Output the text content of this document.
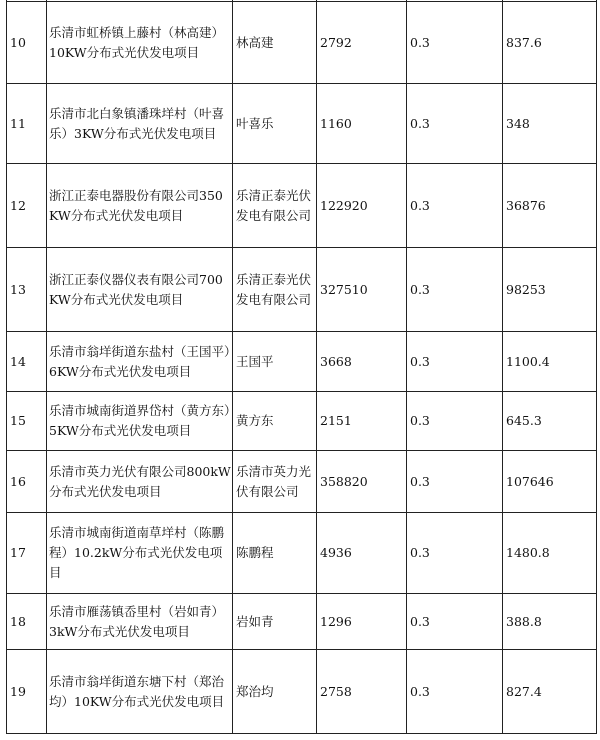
10	乐清市虹桥镇上藤村（林高建）10KW分布式光伏发电项目	林高建	2792	0.3	837.6
11	乐清市北白象镇潘珠垟村（叶喜乐）3KW分布式光伏发电项目	叶喜乐	1160	0.3	348
12	浙江正泰电器股份有限公司350KW分布式光伏发电项目	乐清正泰光伏发电有限公司	122920	0.3	36876
13	浙江正泰仪器仪表有限公司700KW分布式光伏发电项目	乐清正泰光伏发电有限公司	327510	0.3	98253
14	乐清市翁垟街道东盐村（王国平）6KW分布式光伏发电项目	王国平	3668	0.3	1100.4
15	乐清市城南街道界岱村（黄方东）5KW分布式光伏发电项目	黄方东	2151	0.3	645.3
16	乐清市英力光伏有限公司800kW分布式光伏发电项目	乐清市英力光伏有限公司	358820	0.3	107646
17	乐清市城南街道南草垟村（陈鹏程）10.2kW分布式光伏发电项目	陈鹏程	4936	0.3	1480.8
18	乐清市雁荡镇岙里村（岩如青）3kW分布式光伏发电项目	岩如青	1296	0.3	388.8
19	乐清市翁垟街道东塘下村（郑治均）10KW分布式光伏发电项目	郑治均	2758	0.3	827.4
